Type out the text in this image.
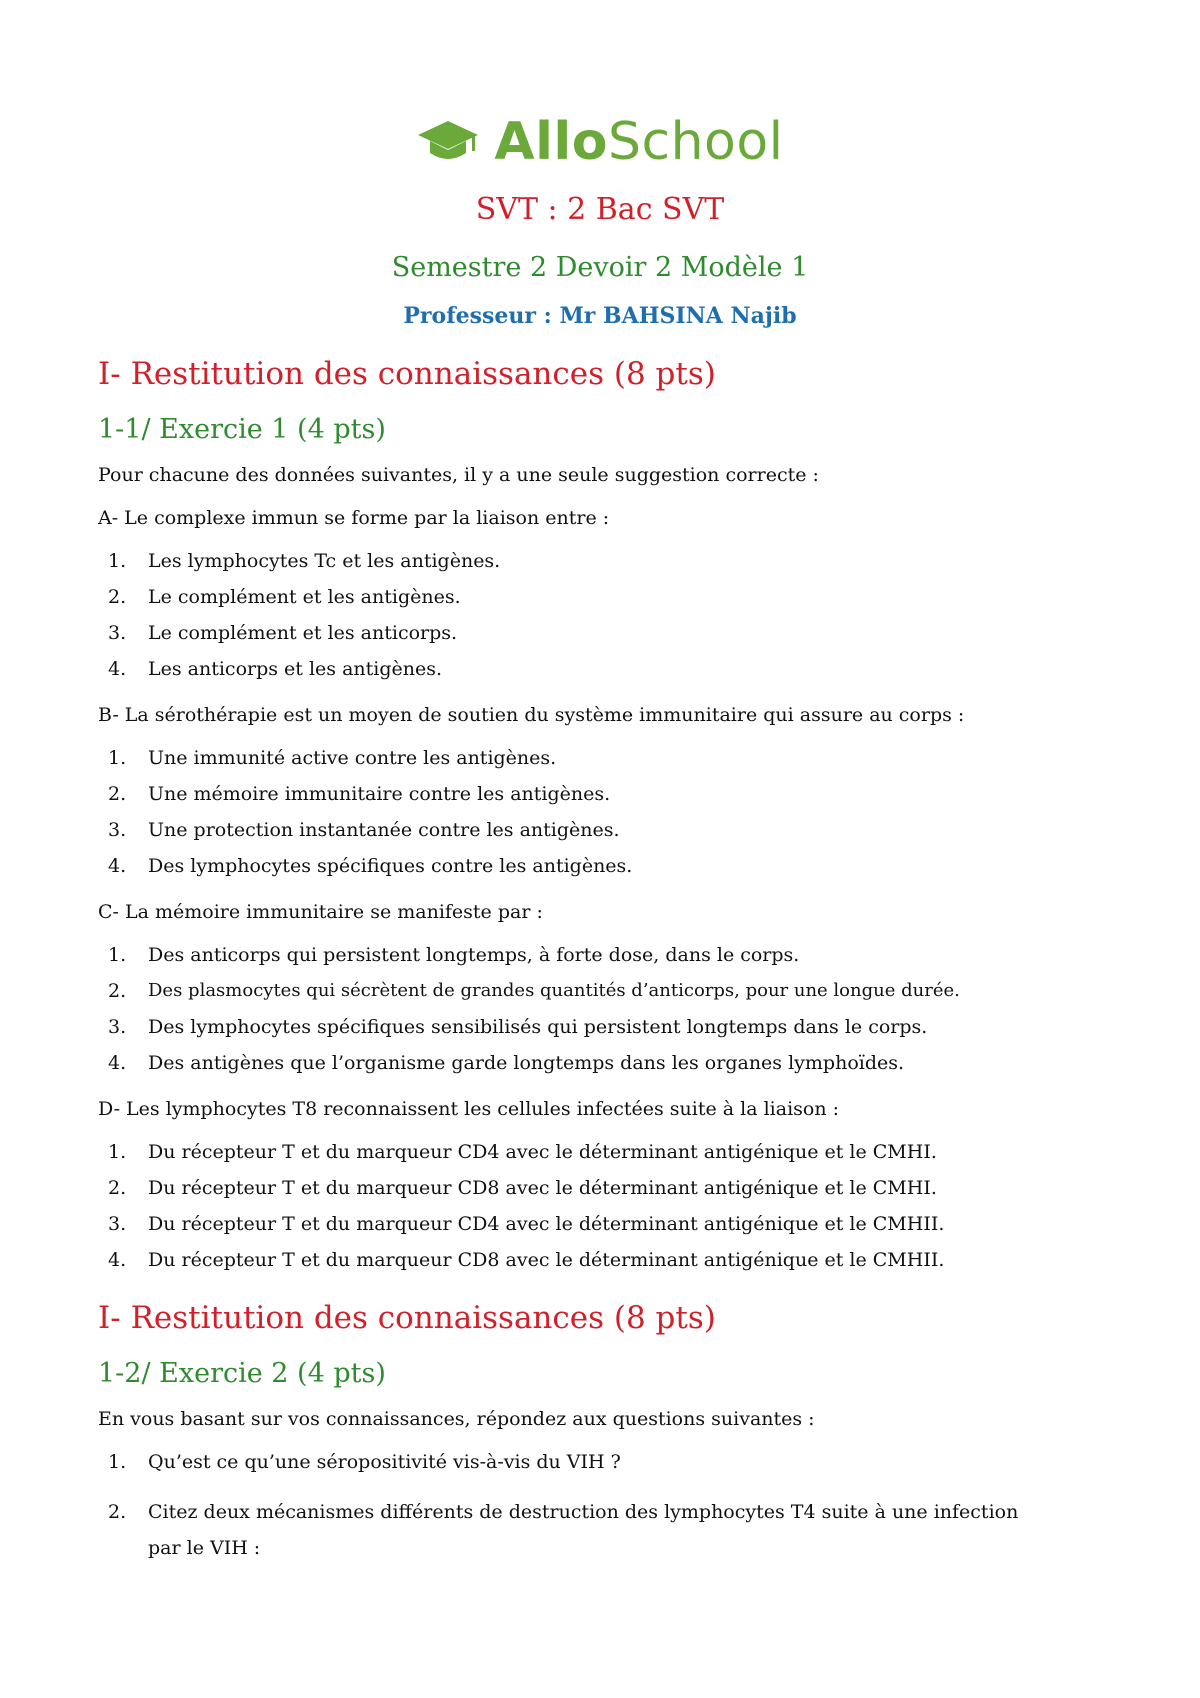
AlloSchool
SVT : 2 Bac SVT
Semestre 2 Devoir 2 Modèle 1
Professeur : Mr BAHSINA Najib
I- Restitution des connaissances (8 pts)
1-1/ Exercie 1 (4 pts)
Pour chacune des données suivantes, il y a une seule suggestion correcte :
A- Le complexe immun se forme par la liaison entre :
1.	Les lymphocytes Tc et les antigènes.
2.	Le complément et les antigènes.
3.	Le complément et les anticorps.
4.	Les anticorps et les antigènes.
B- La sérothérapie est un moyen de soutien du système immunitaire qui assure au corps :
1.	Une immunité active contre les antigènes.
2.	Une mémoire immunitaire contre les antigènes.
3.	Une protection instantanée contre les antigènes.
4.	Des lymphocytes spécifiques contre les antigènes.
C- La mémoire immunitaire se manifeste par :
1.	Des anticorps qui persistent longtemps, à forte dose, dans le corps.
2.	Des plasmocytes qui sécrètent de grandes quantités d’anticorps, pour une longue durée.
3.	Des lymphocytes spécifiques sensibilisés qui persistent longtemps dans le corps.
4.	Des antigènes que l’organisme garde longtemps dans les organes lymphoïdes.
D- Les lymphocytes T8 reconnaissent les cellules infectées suite à la liaison :
1.	Du récepteur T et du marqueur CD4 avec le déterminant antigénique et le CMHI.
2.	Du récepteur T et du marqueur CD8 avec le déterminant antigénique et le CMHI.
3.	Du récepteur T et du marqueur CD4 avec le déterminant antigénique et le CMHII.
4.	Du récepteur T et du marqueur CD8 avec le déterminant antigénique et le CMHII.
I- Restitution des connaissances (8 pts)
1-2/ Exercie 2 (4 pts)
En vous basant sur vos connaissances, répondez aux questions suivantes :
1.	Qu’est ce qu’une séropositivité vis-à-vis du VIH ?
2.	Citez deux mécanismes différents de destruction des lymphocytes T4 suite à une infection par le VIH :
